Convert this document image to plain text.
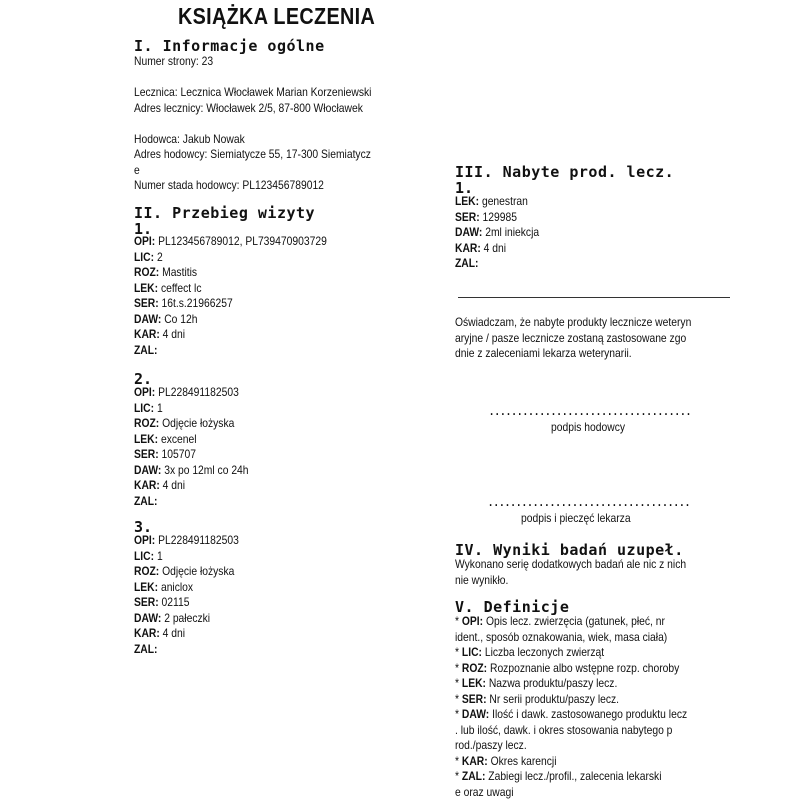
KSIĄŻKA LECZENIA
I. Informacje ogólne
Numer strony: 23
Lecznica: Lecznica Włocławek Marian Korzeniewski
Adres lecznicy: Włocławek 2/5, 87-800 Włocławek
Hodowca: Jakub Nowak
Adres hodowcy: Siemiatycze 55, 17-300 Siemiatycz
e
Numer stada hodowcy: PL123456789012
II. Przebieg wizyty
1.
OPI: PL123456789012, PL739470903729
LIC: 2
ROZ: Mastitis
LEK: ceffect lc
SER: 16t.s.21966257
DAW: Co 12h
KAR: 4 dni
ZAL:
2.
OPI: PL228491182503
LIC: 1
ROZ: Odjęcie łożyska
LEK: excenel
SER: 105707
DAW: 3x po 12ml co 24h
KAR: 4 dni
ZAL:
3.
OPI: PL228491182503
LIC: 1
ROZ: Odjęcie łożyska
LEK: aniclox
SER: 02115
DAW: 2 pałeczki
KAR: 4 dni
ZAL:
III. Nabyte prod. lecz.
1.
LEK: genestran
SER: 129985
DAW: 2ml iniekcja
KAR: 4 dni
ZAL:
Oświadczam, że nabyte produkty lecznicze weteryn
aryjne / pasze lecznicze zostaną zastosowane zgo
dnie z zaleceniami lekarza weterynarii.
....................................
podpis hodowcy
....................................
podpis i pieczęć lekarza
IV. Wyniki badań uzupeł.
Wykonano serię dodatkowych badań ale nic z nich
nie wynikło.
V. Definicje
* OPI: Opis lecz. zwierzęcia (gatunek, płeć, nr
ident., sposób oznakowania, wiek, masa ciała)
* LIC: Liczba leczonych zwierząt
* ROZ: Rozpoznanie albo wstępne rozp. choroby
* LEK: Nazwa produktu/paszy lecz.
* SER: Nr serii produktu/paszy lecz.
* DAW: Ilość i dawk. zastosowanego produktu lecz
. lub ilość, dawk. i okres stosowania nabytego p
rod./paszy lecz.
* KAR: Okres karencji
* ZAL: Zabiegi lecz./profil., zalecenia lekarski
e oraz uwagi
